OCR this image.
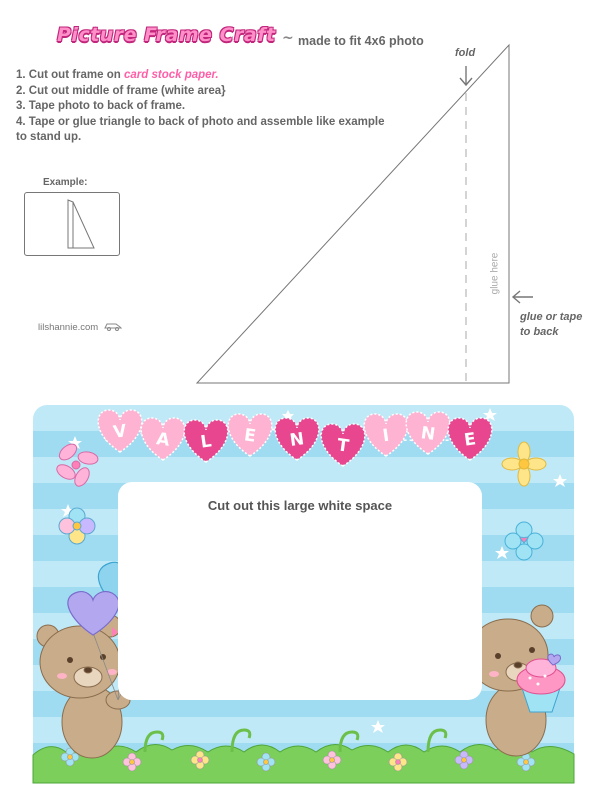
Picture Frame Craft ~ made to fit 4x6 photo
1. Cut out frame on card stock paper.
2. Cut out middle of frame (white area}
3. Tape photo to back of frame.
4. Tape or glue triangle to back of photo and assemble like example to stand up.
Example:
lilshannie.com
fold
glue here
glue or tape
to back
V A L E N T I N E
Cut out this large white space
